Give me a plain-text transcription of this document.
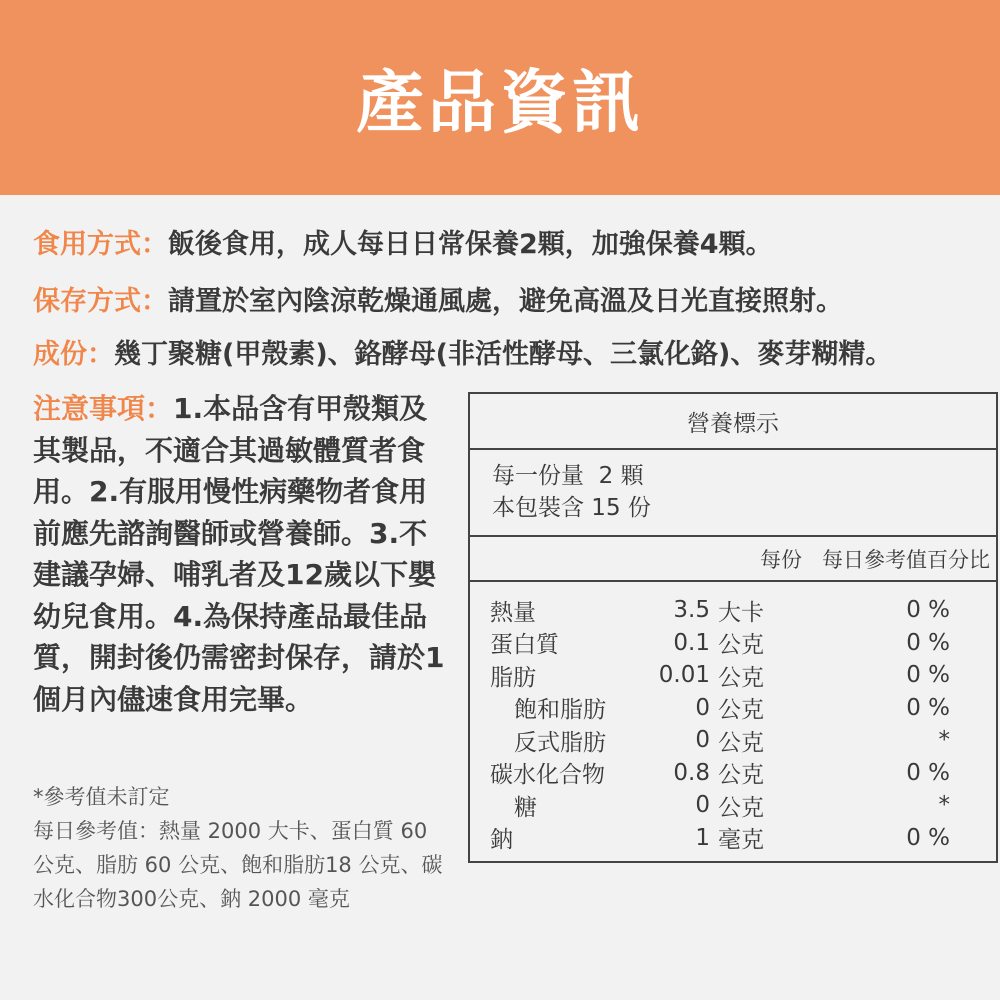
產品資訊
食用方式：飯後食用，成人每日日常保養2顆，加強保養4顆。
保存方式：請置於室內陰涼乾燥通風處，避免高溫及日光直接照射。
成份：幾丁聚糖(甲殼素)、鉻酵母(非活性酵母、三氯化鉻)、麥芽糊精。
注意事項：1.本品含有甲殼類及其製品，不適合其過敏體質者食用。2.有服用慢性病藥物者食用前應先諮詢醫師或營養師。3.不建議孕婦、哺乳者及12歲以下嬰幼兒食用。4.為保持產品最佳品質，開封後仍需密封保存，請於1個月內儘速食用完畢。
*參考值未訂定
每日參考值：熱量 2000 大卡、蛋白質 60 公克、脂肪 60 公克、飽和脂肪18 公克、碳水化合物300公克、鈉 2000 毫克
營養標示
每一份量  2 顆
本包裝含 15 份
每份 每日參考值百分比
熱量	3.5 大卡	0 %
蛋白質	0.1 公克	0 %
脂肪	0.01 公克	0 %
飽和脂肪	0 公克	0 %
反式脂肪	0 公克	*
碳水化合物	0.8 公克	0 %
糖	0 公克	*
鈉	1 毫克	0 %
